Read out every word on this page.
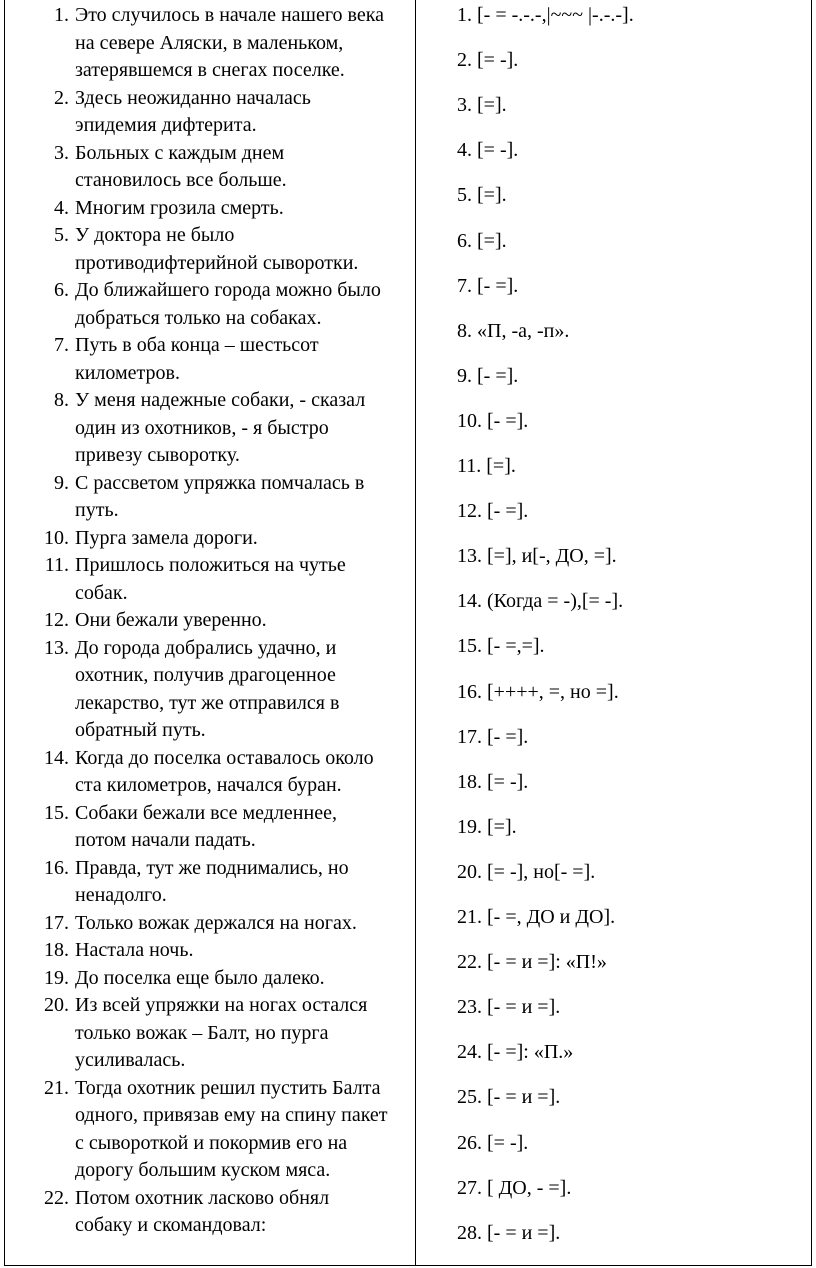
1. Это случилось в начале нашего века
на севере Аляски, в маленьком,
затерявшемся в снегах поселке.
2. Здесь неожиданно началась
эпидемия дифтерита.
3. Больных с каждым днем
становилось все больше.
4. Многим грозила смерть.
5. У доктора не было
противодифтерийной сыворотки.
6. До ближайшего города можно было
добраться только на собаках.
7. Путь в оба конца – шестьсот
километров.
8. У меня надежные собаки, - сказал
один из охотников, - я быстро
привезу сыворотку.
9. С рассветом упряжка помчалась в
путь.
10. Пурга замела дороги.
11. Пришлось положиться на чутье
собак.
12. Они бежали уверенно.
13. До города добрались удачно, и
охотник, получив драгоценное
лекарство, тут же отправился в
обратный путь.
14. Когда до поселка оставалось около
ста километров, начался буран.
15. Собаки бежали все медленнее,
потом начали падать.
16. Правда, тут же поднимались, но
ненадолго.
17. Только вожак держался на ногах.
18. Настала ночь.
19. До поселка еще было далеко.
20. Из всей упряжки на ногах остался
только вожак – Балт, но пурга
усиливалась.
21. Тогда охотник решил пустить Балта
одного, привязав ему на спину пакет
с сывороткой и покормив его на
дорогу большим куском мяса.
22. Потом охотник ласково обнял
собаку и скомандовал:
1. [- = -.-.-,|~~~ |-.-.-].
2. [= -].
3. [=].
4. [= -].
5. [=].
6. [=].
7. [- =].
8. «П, -а, -п».
9. [- =].
10. [- =].
11. [=].
12. [- =].
13. [=], и[-, ДО, =].
14. (Когда = -),[= -].
15. [- =,=].
16. [++++, =, но =].
17. [- =].
18. [= -].
19. [=].
20. [= -], но[- =].
21. [- =, ДО и ДО].
22. [- = и =]: «П!»
23. [- = и =].
24. [- =]: «П.»
25. [- = и =].
26. [= -].
27. [ ДО, - =].
28. [- = и =].
